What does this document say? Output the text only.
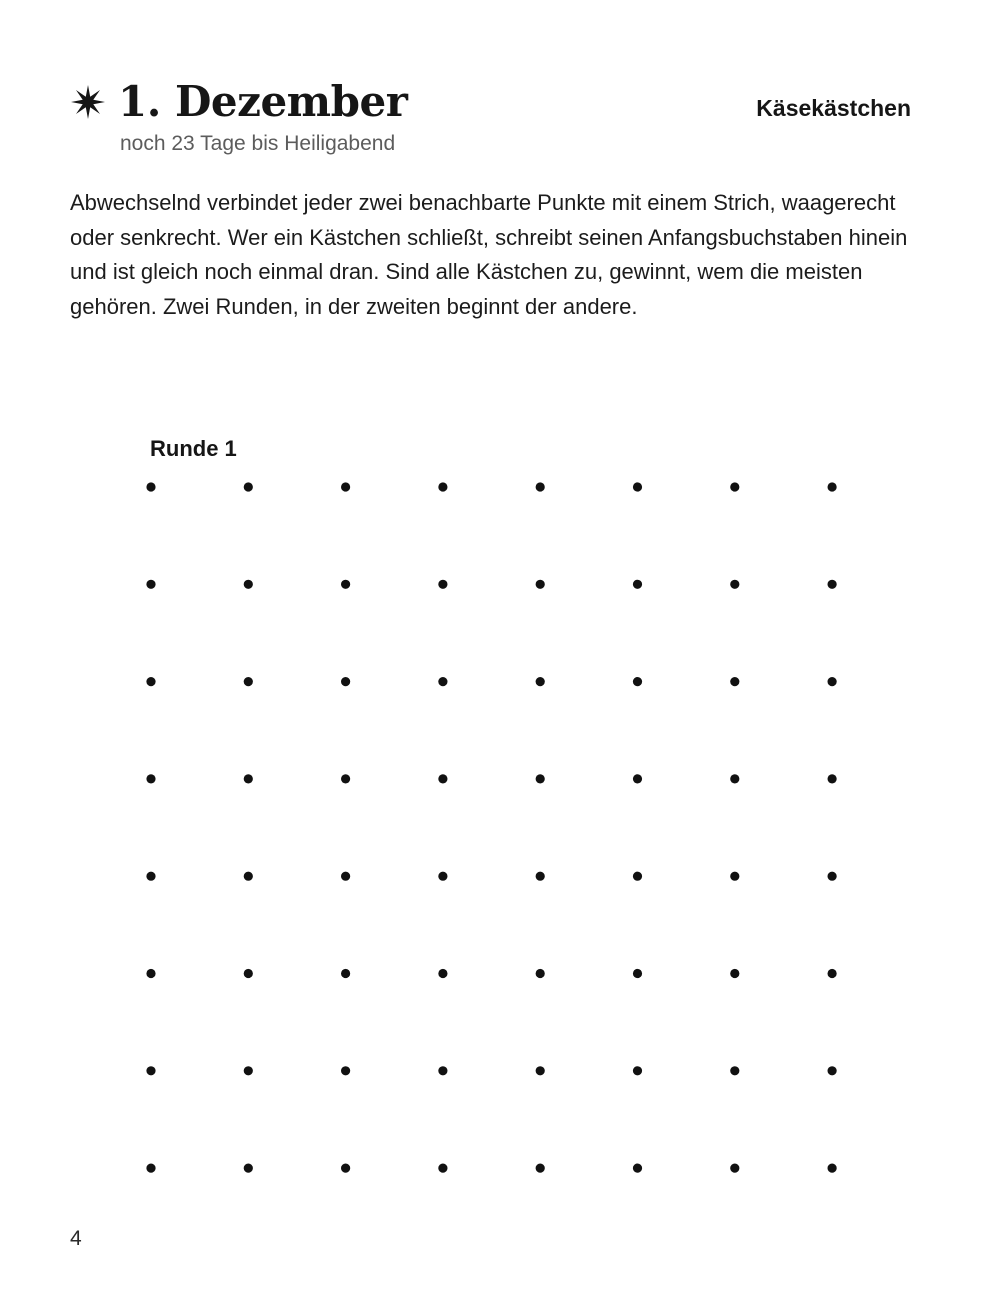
1. Dezember

noch 23 Tage bis Heiligabend

Käsekästchen

Abwechselnd verbindet jeder zwei benachbarte Punkte mit einem Strich, waagerecht oder senkrecht. Wer ein Kästchen schließt, schreibt seinen Anfangsbuchstaben hinein und ist gleich noch einmal dran. Sind alle Kästchen zu, gewinnt, wem die meisten gehören. Zwei Runden, in der zweiten beginnt der andere.

Runde 1

4
